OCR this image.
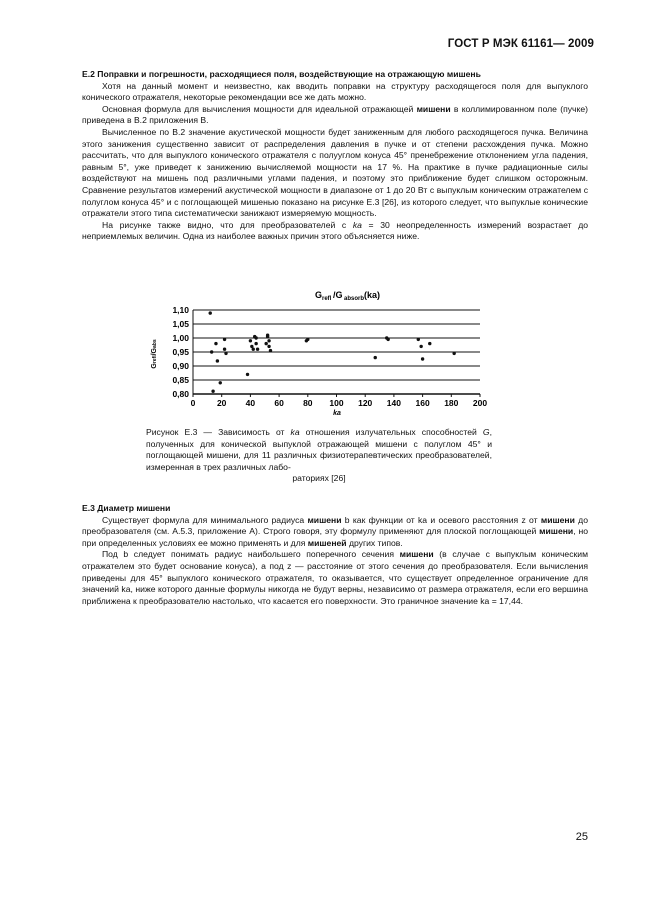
ГОСТ Р МЭК 61161— 2009
Е.2 Поправки и погрешности, расходящиеся поля, воздействующие на отражающую мишень

Хотя на данный момент и неизвестно, как вводить поправки на структуру расходящегося поля для выпуклого конического отражателя, некоторые рекомендации все же дать можно.

Основная формула для вычисления мощности для идеальной отражающей мишени в коллимированном поле (пучке) приведена в В.2 приложения В.

Вычисленное по В.2 значение акустической мощности будет заниженным для любого расходящегося пучка. Величина этого занижения существенно зависит от распределения давления в пучке и от степени расхождения пучка. Можно рассчитать, что для выпуклого конического отражателя с полууглом конуса 45° пренебрежение отклонением угла падения, равным 5°, уже приведет к занижению вычисляемой мощности на 17 %. На практике в пучке радиационные силы воздействуют на мишень под различными углами падения, и поэтому это приближение будет слишком осторожным. Сравнение результатов измерений акустической мощности в диапазоне от 1 до 20 Вт с выпуклым коническим отражателем с полуглом конуса 45° и с поглощающей мишенью показано на рисунке Е.3 [26], из которого следует, что выпуклые конические отражатели этого типа систематически занижают измеряемую мощность.

На рисунке также видно, что для преобразователей с ka = 30 неопределенность измерений возрастает до неприемлемых величин. Одна из наиболее важных причин этого объясняется ниже.

G refl /G absorb (ka)
1,10
1,05
1,00
0,95
0,90
0,85
0,80
0	20 40 60 80 100 120 140 160 180 200
Grefl/Gabs
ka
Рисунок Е.3 — Зависимость от ka отношения излучательных способностей G, полученных для конической выпуклой отражающей мишени с полуглом 45° и поглощающей мишени, для 11 различных физиотерапевтических преобразователей, измеренная в трех различных лабо-
раториях [26]
Е.3 Диаметр мишени

Существует формула для минимального радиуса мишени b как функции от ka и осевого расстояния z от мишени до преобразователя (см. А.5.3, приложение А). Строго говоря, эту формулу применяют для плоской поглощающей мишени, но при определенных условиях ее можно применять и для мишеней других типов.

Под b следует понимать радиус наибольшего поперечного сечения мишени (в случае с выпуклым коническим отражателем это будет основание конуса), а под z — расстояние от этого сечения до преобразователя. Если вычисления приведены для 45° выпуклого конического отражателя, то оказывается, что существует определенное ограничение для значений ka, ниже которого данные формулы никогда не будут верны, независимо от размера отражателя, если его вершина приближена к преобразователю настолько, что касается его поверхности. Это граничное значение ka = 17,44.

25
